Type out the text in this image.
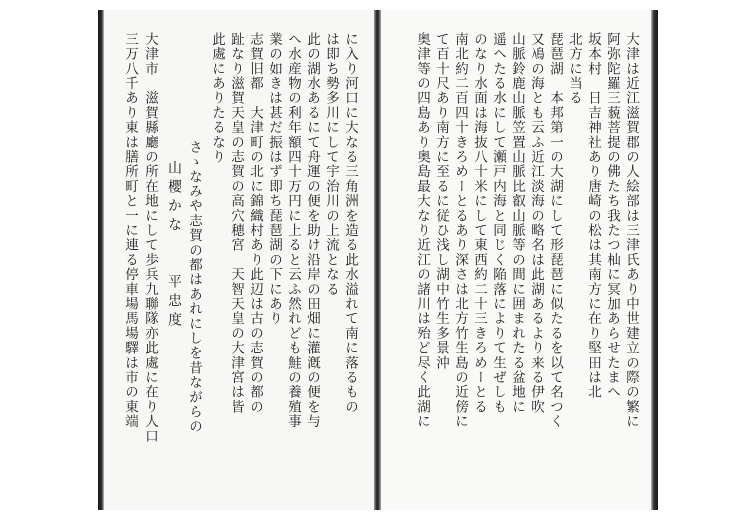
に入り河口に大なる三角洲を造る此水溢れて南に落るもの
は即ち勢多川にして宇治川の上流となる
此の湖水あるにて舟運の便を助け沿岸の田畑に灌漑の便を与
へ水産物の利年額四十万円に上ると云ふ然れども鮭の養殖事
業の如きは甚だ振はず即ち琵琶湖の下にあり
志賀旧都　大津町の北に錦織村あり此辺は古の志賀の都の
趾なり滋賀天皇の志賀の高穴穂宮　天智天皇の大津宮は皆
此處にありたるなり
さゝなみや志賀の都はあれにしを昔ながらの
山櫻かな　　平忠度
大津市　滋賀縣廳の所在地にして歩兵九聯隊亦此處に在り人口
三万八千あり東は膳所町と一に連る停車場馬場驛は市の東端	大津は近江滋賀郡の人絵部は三津氏あり中世建立の際の繁に
阿弥陀羅三藐菩提の佛たち我たつ杣に冥加あらせたまへ
坂本村　日吉神社あり唐崎の松は其南方に在り堅田は北
北方に当る
琵琶湖　本邦第一の大湖にして形琵琶に似たるを以て名つく
又鳰の海とも云ふ近江淡海の略名は此湖あるより来る伊吹
山脈鈴鹿山脈笠置山脈比叡山脈等の間に囲まれたる盆地に
遥へたる水にして瀬戸内海と同じく陥落によりて生ぜしも
のなり水面は海抜八十米にして東西約二十三きろめーとる
南北約二百四十きろめーとるあり深さは北方竹生島の近傍に
て百十尺あり南方に至るに従ひ浅し湖中竹生多景沖
奥津等の四島あり奥島最大なり近江の諸川は殆ど尽く此湖に
